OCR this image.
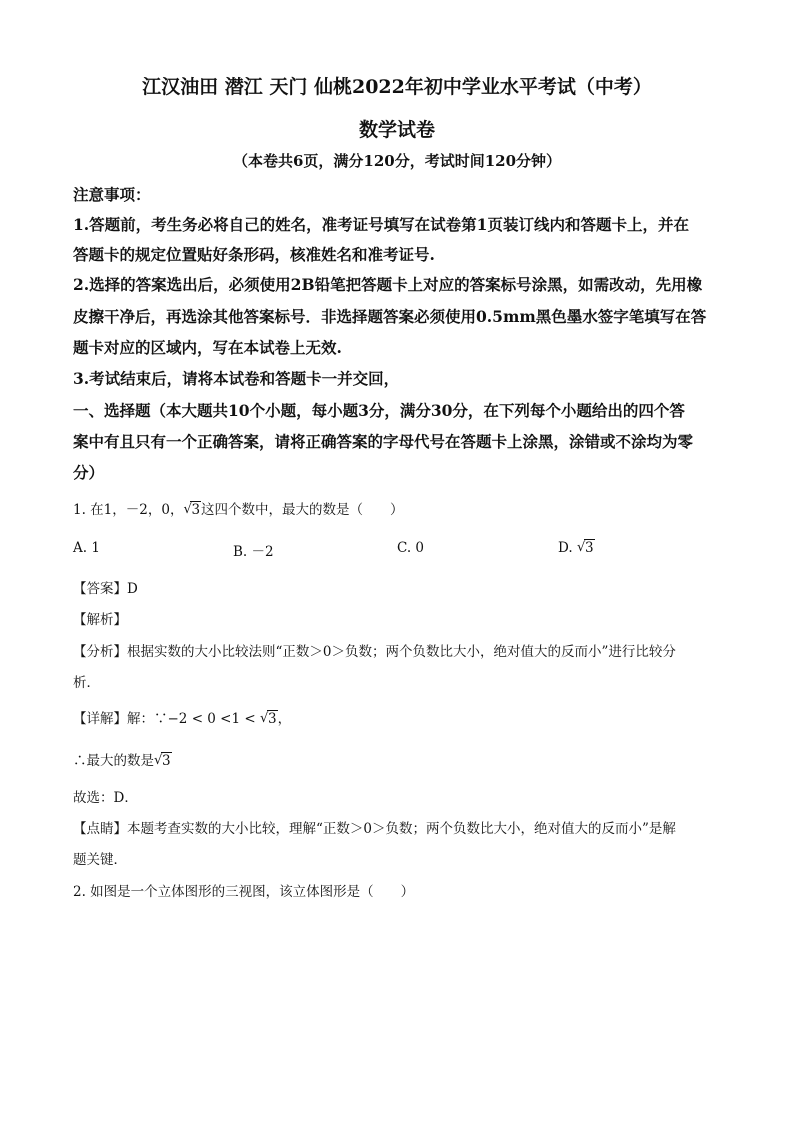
江汉油田 潜江 天门 仙桃2022年初中学业水平考试（中考）
数学试卷
（本卷共6页，满分120分，考试时间120分钟）
注意事项：
1.答题前，考生务必将自己的姓名，准考证号填写在试卷第1页装订线内和答题卡上，并在
答题卡的规定位置贴好条形码，核准姓名和准考证号.
2.选择的答案选出后，必须使用2B铅笔把答题卡上对应的答案标号涂黑，如需改动，先用橡
皮擦干净后，再选涂其他答案标号．非选择题答案必须使用0.5mm黑色墨水签字笔填写在答
题卡对应的区域内，写在本试卷上无效.
3.考试结束后，请将本试卷和答题卡一并交回，
一、选择题（本大题共10个小题，每小题3分，满分30分，在下列每个小题给出的四个答
案中有且只有一个正确答案，请将正确答案的字母代号在答题卡上涂黑，涂错或不涂均为零
分）
1. 在1，－2，0， √ 3这四个数中，最大的数是（　　）
A. 1	B. －2	C. 0	D. √ 3
【答案】D
【解析】
【分析】根据实数的大小比较法则“正数＞0＞负数；两个负数比大小，绝对值大的反而小”进行比较分
析．
【详解】解：∵−2 < 0 <1 < √ 3，
∴最大的数是 √ 3
故选：D．
【点睛】本题考查实数的大小比较，理解“正数＞0＞负数；两个负数比大小，绝对值大的反而小”是解
题关键．
2. 如图是一个立体图形的三视图，该立体图形是（　　）
